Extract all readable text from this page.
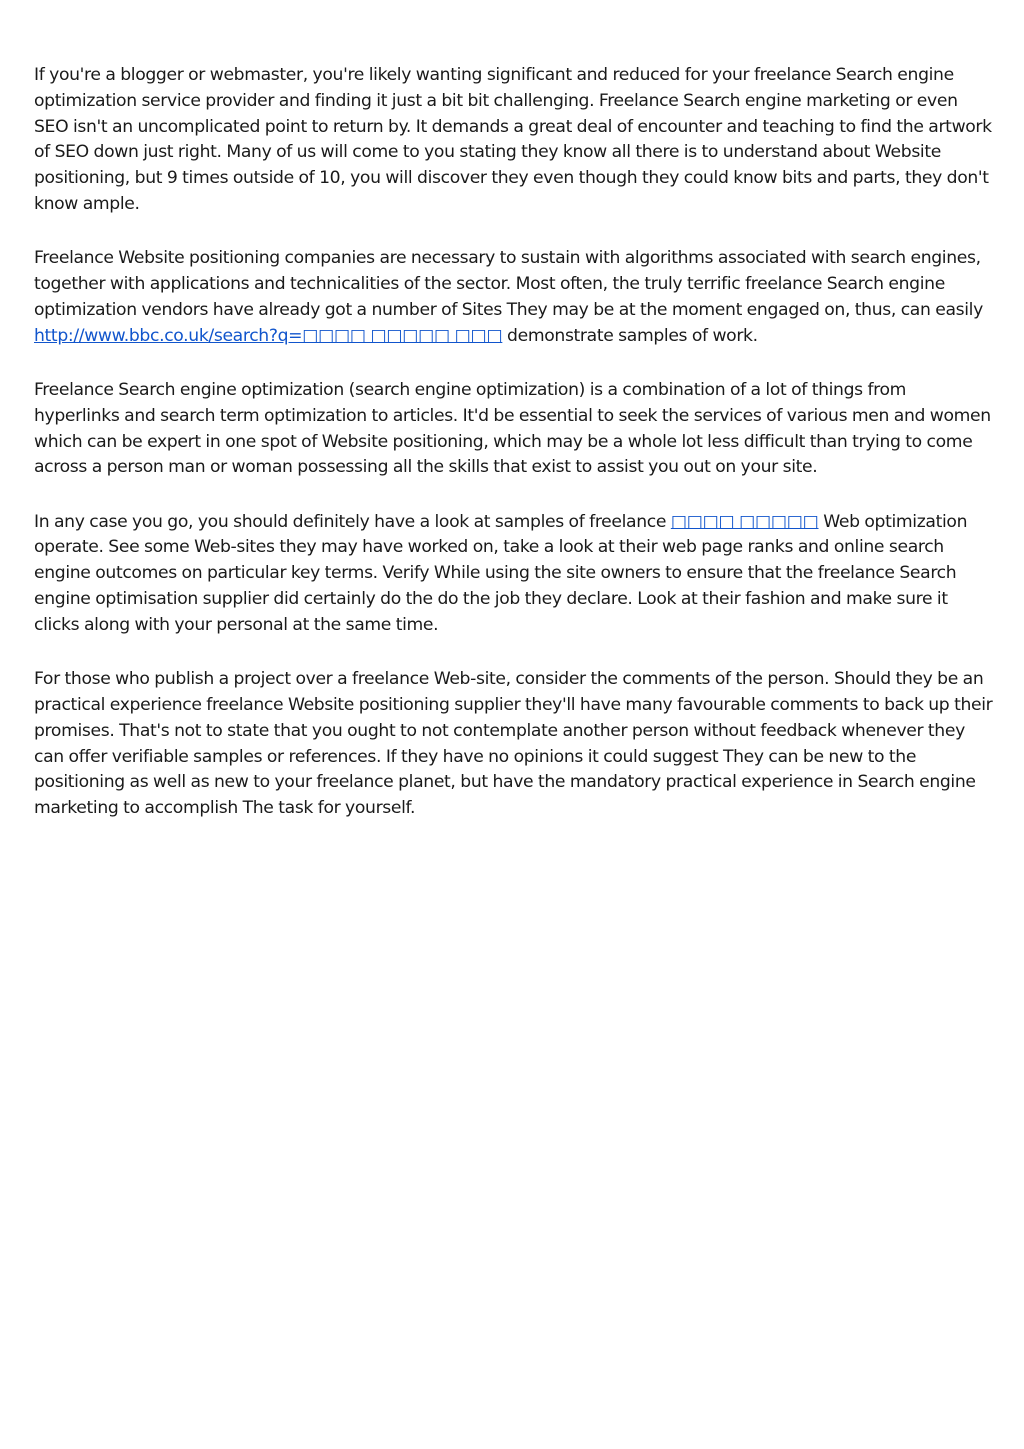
If you're a blogger or webmaster, you're likely wanting significant and reduced for your freelance Search engine optimization service provider and finding it just a bit bit challenging. Freelance Search engine marketing or even SEO isn't an uncomplicated point to return by. It demands a great deal of encounter and teaching to find the artwork of SEO down just right. Many of us will come to you stating they know all there is to understand about Website positioning, but 9 times outside of 10, you will discover they even though they could know bits and parts, they don't know ample.

Freelance Website positioning companies are necessary to sustain with algorithms associated with search engines, together with applications and technicalities of the sector. Most often, the truly terrific freelance Search engine optimization vendors have already got a number of Sites They may be at the moment engaged on, thus, can easily http://www.bbc.co.uk/search?q=□□□□ □□□□□ □□□ demonstrate samples of work.

Freelance Search engine optimization (search engine optimization) is a combination of a lot of things from hyperlinks and search term optimization to articles. It'd be essential to seek the services of various men and women which can be expert in one spot of Website positioning, which may be a whole lot less difficult than trying to come across a person man or woman possessing all the skills that exist to assist you out on your site.

In any case you go, you should definitely have a look at samples of freelance □□□□ □□□□□ Web optimization operate. See some Web-sites they may have worked on, take a look at their web page ranks and online search engine outcomes on particular key terms. Verify While using the site owners to ensure that the freelance Search engine optimisation supplier did certainly do the do the job they declare. Look at their fashion and make sure it clicks along with your personal at the same time.

For those who publish a project over a freelance Web-site, consider the comments of the person. Should they be an practical experience freelance Website positioning supplier they'll have many favourable comments to back up their promises. That's not to state that you ought to not contemplate another person without feedback whenever they can offer verifiable samples or references. If they have no opinions it could suggest They can be new to the positioning as well as new to your freelance planet, but have the mandatory practical experience in Search engine marketing to accomplish The task for yourself.
